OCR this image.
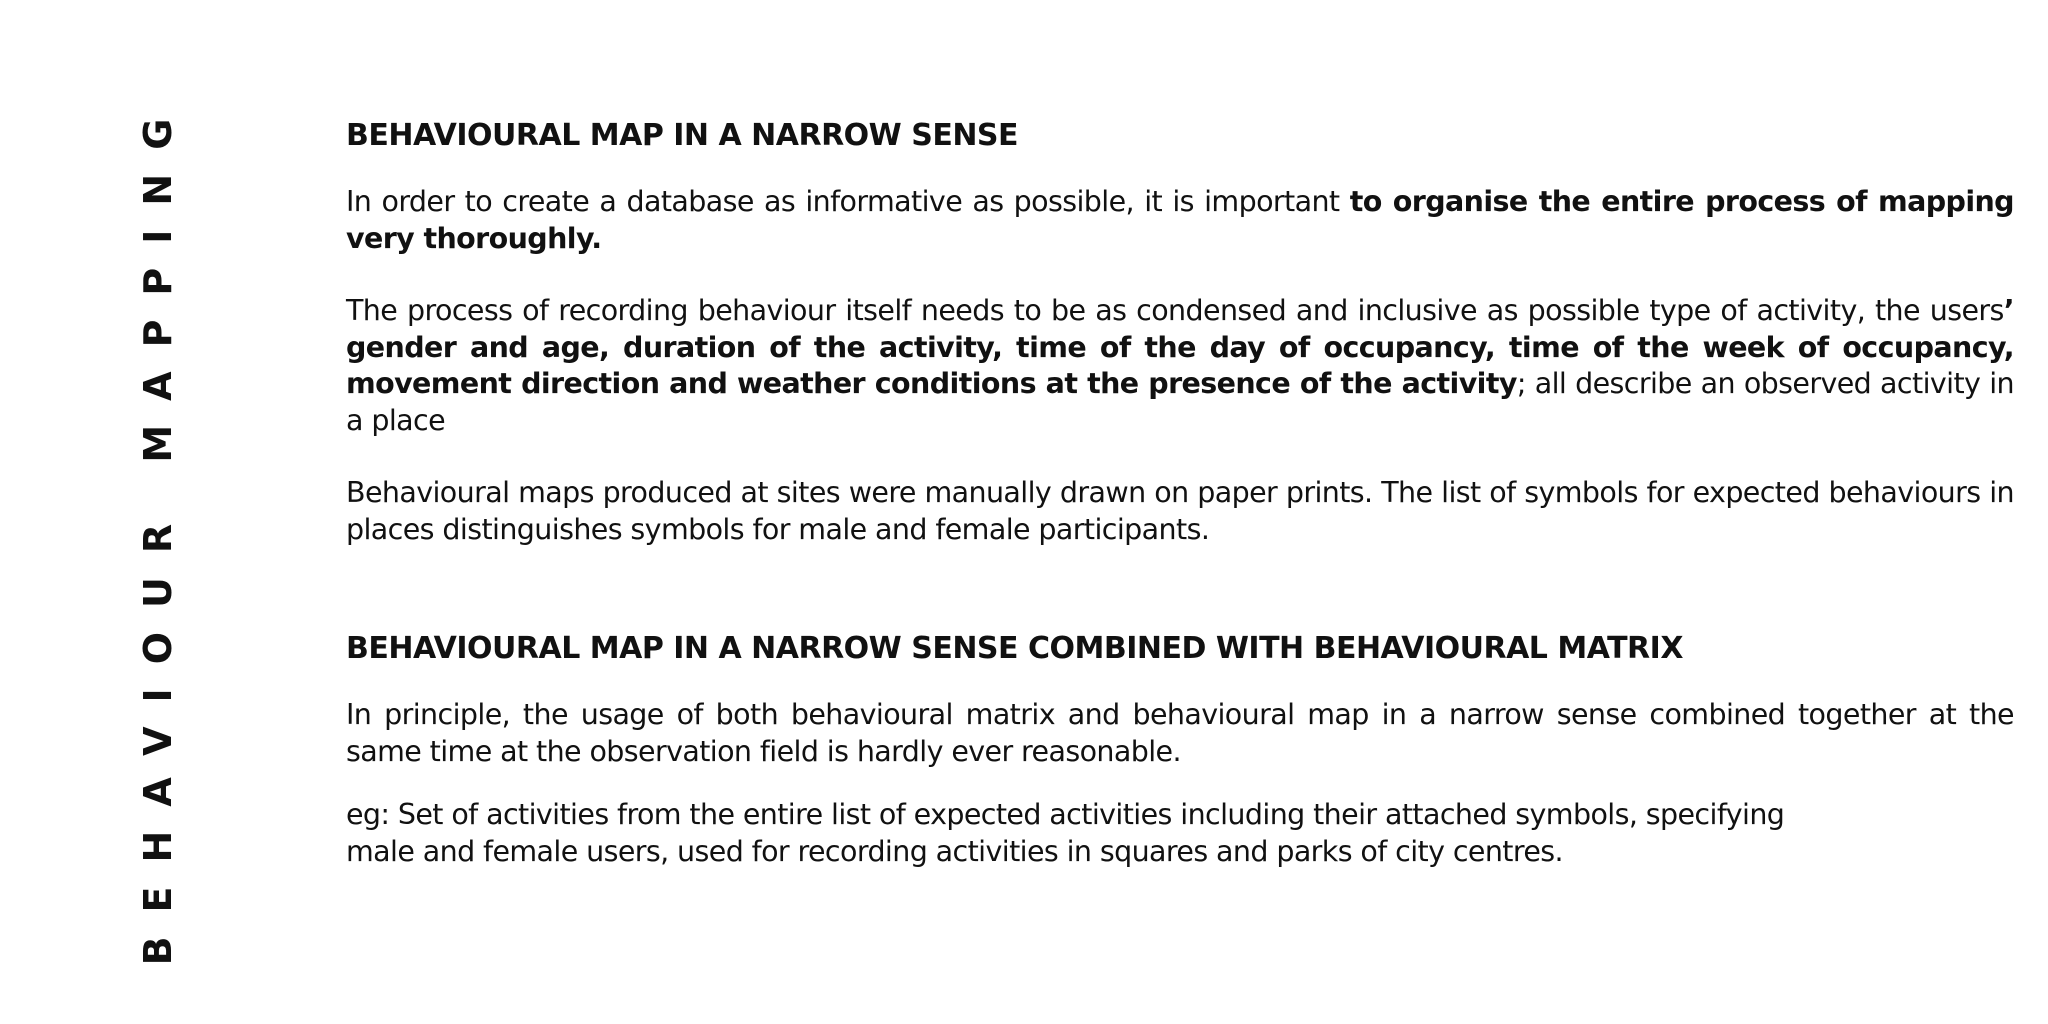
BEHAVIOUR MAPPING	BEHAVIOURAL MAP IN A NARROW SENSE

In order to create a database as informative as possible, it is important to organise the entire process of mapping very thoroughly.

The process of recording behaviour itself needs to be as condensed and inclusive as possible type of activity, the users’ gender and age, duration of the activity, time of the day of occupancy, time of the week of occupancy, movement direction and weather conditions at the presence of the activity; all describe an observed activity in a place

Behavioural maps produced at sites were manually drawn on paper prints. The list of symbols for expected behaviours in places distinguishes symbols for male and female participants.

BEHAVIOURAL MAP IN A NARROW SENSE COMBINED WITH BEHAVIOURAL MATRIX

In principle, the usage of both behavioural matrix and behavioural map in a narrow sense combined together at the same time at the observation field is hardly ever reasonable.

eg: Set of activities from the entire list of expected activities including their attached symbols, specifying
male and female users, used for recording activities in squares and parks of city centres.
